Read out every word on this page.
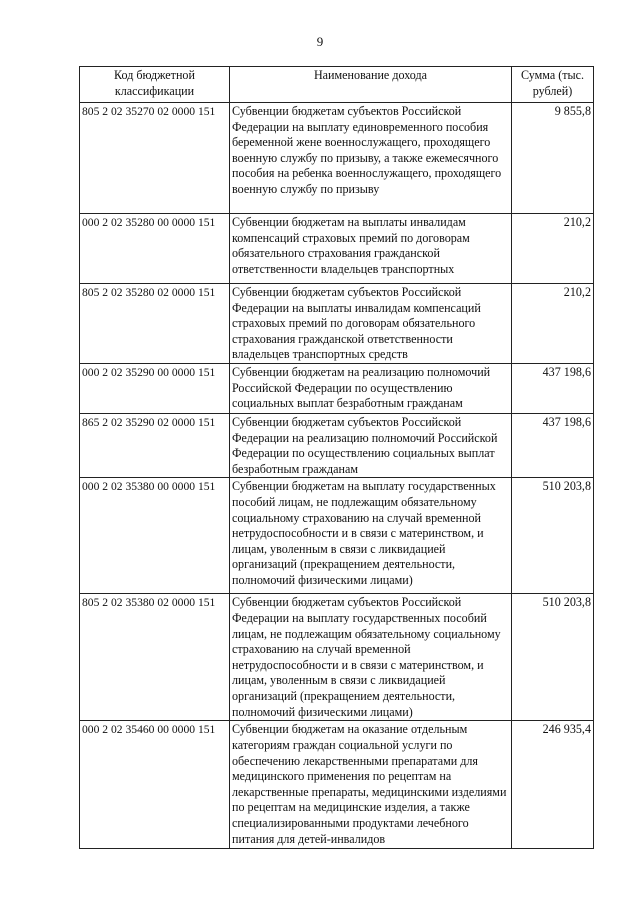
9
Код бюджетной классификации	Наименование дохода	Сумма (тыс. рублей)
805 2 02 35270 02 0000 151	Субвенции бюджетам субъектов Российской Федерации на выплату единовременного пособия беременной жене военнослужащего, проходящего военную службу по призыву, а также ежемесячного пособия на ребенка военнослужащего, проходящего военную службу по призыву	9 855,8
000 2 02 35280 00 0000 151	Субвенции бюджетам на выплаты инвалидам компенсаций страховых премий по договорам обязательного страхования гражданской ответственности владельцев транспортных	210,2
805 2 02 35280 02 0000 151	Субвенции бюджетам субъектов Российской Федерации на выплаты инвалидам компенсаций страховых премий по договорам обязательного страхования гражданской ответственности владельцев транспортных средств	210,2
000 2 02 35290 00 0000 151	Субвенции бюджетам на реализацию полномочий Российской Федерации по осуществлению социальных выплат безработным гражданам	437 198,6
865 2 02 35290 02 0000 151	Субвенции бюджетам субъектов Российской Федерации на реализацию полномочий Российской Федерации по осуществлению социальных выплат безработным гражданам	437 198,6
000 2 02 35380 00 0000 151	Субвенции бюджетам на выплату государственных пособий лицам, не подлежащим обязательному социальному страхованию на случай временной нетрудоспособности и в связи с материнством, и лицам, уволенным в связи с ликвидацией организаций (прекращением деятельности, полномочий физическими лицами)	510 203,8
805 2 02 35380 02 0000 151	Субвенции бюджетам субъектов Российской Федерации на выплату государственных пособий лицам, не подлежащим обязательному социальному страхованию на случай временной нетрудоспособности и в связи с материнством, и лицам, уволенным в связи с ликвидацией организаций (прекращением деятельности, полномочий физическими лицами)	510 203,8
000 2 02 35460 00 0000 151	Субвенции бюджетам на оказание отдельным категориям граждан социальной услуги по обеспечению лекарственными препаратами для медицинского применения по рецептам на лекарственные препараты, медицинскими изделиями по рецептам на медицинские изделия, а также специализированными продуктами лечебного питания для детей-инвалидов	246 935,4
